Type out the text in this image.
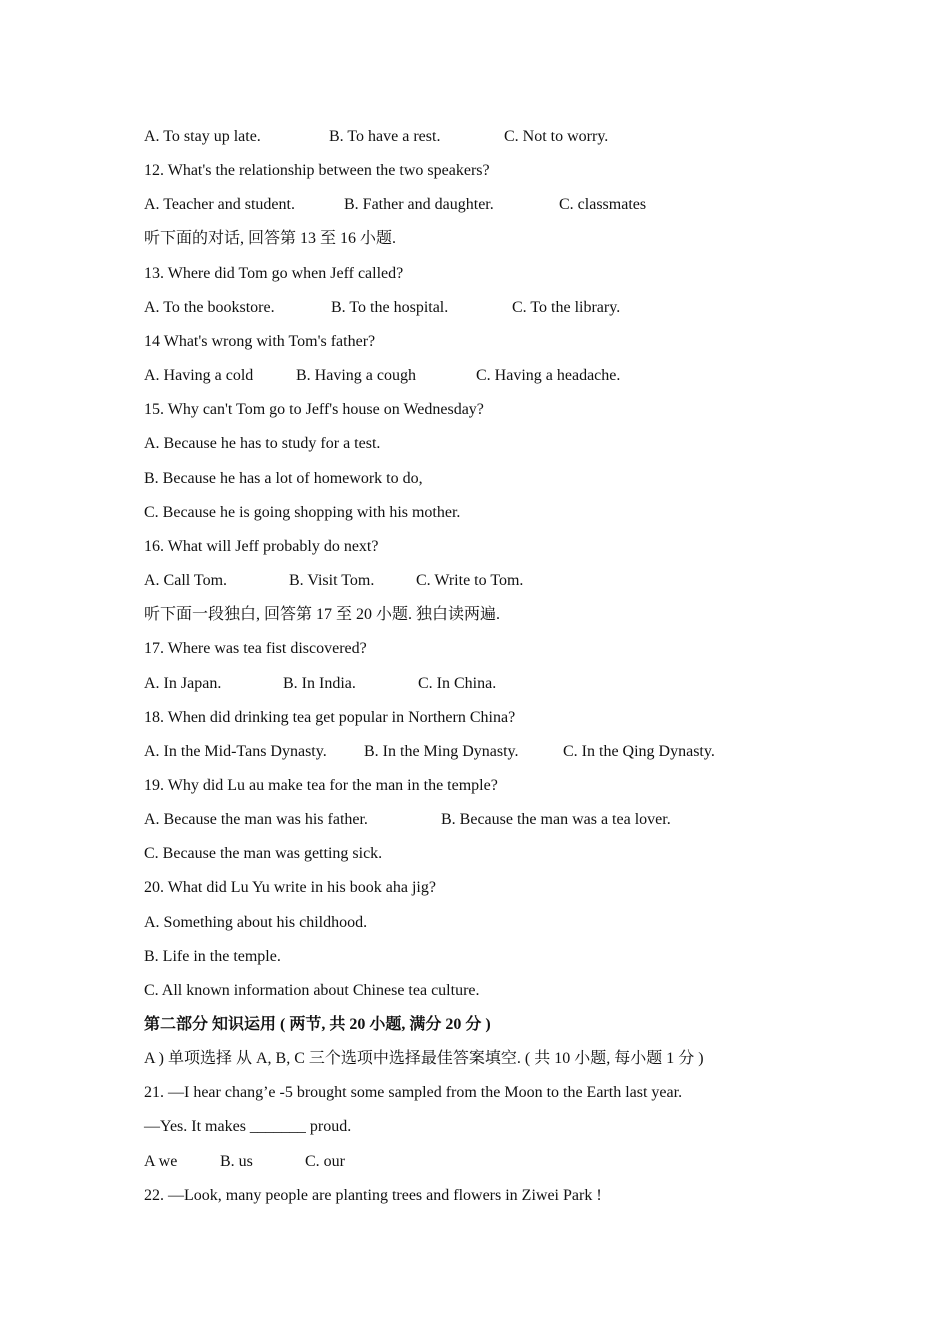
A. To stay up late.	B. To have a rest.	C. Not to worry.
12. What's the relationship between the two speakers?
A. Teacher and student.	B. Father and daughter.	C. classmates
听下面的对话, 回答第 13 至 16 小题.
13. Where did Tom go when Jeff called?
A. To the bookstore.	B. To the hospital.	C. To the library.
14 What's wrong with Tom's father?
A. Having a cold	B. Having a cough	C. Having a headache.
15. Why can't Tom go to Jeff's house on Wednesday?
A. Because he has to study for a test.
B. Because he has a lot of homework to do,
C. Because he is going shopping with his mother.
16. What will Jeff probably do next?
A. Call Tom.	B. Visit Tom.	C. Write to Tom.
听下面一段独白, 回答第 17 至 20 小题. 独白读两遍.
17. Where was tea fist discovered?
A. In Japan.	B. In India.	C. In China.
18. When did drinking tea get popular in Northern China?
A. In the Mid-Tans Dynasty. B. In the Ming Dynasty.	C. In the Qing Dynasty.
19. Why did Lu au make tea for the man in the temple?
A. Because the man was his father.	B. Because the man was a tea lover.
C. Because the man was getting sick.
20. What did Lu Yu write in his book aha jig?
A. Something about his childhood.
B. Life in the temple.
C. All known information about Chinese tea culture.
第二部分 知识运用 ( 两节, 共 20 小题, 满分 20 分 )
A ) 单项选择 从 A, B, C 三个选项中选择最佳答案填空. ( 共 10 小题, 每小题 1 分 )
21. —I hear chang’e -5 brought some sampled from the Moon to the Earth last year.
—Yes. It makes _______ proud.
A we	B. us	C. our
22. —Look, many people are planting trees and flowers in Ziwei Park !
